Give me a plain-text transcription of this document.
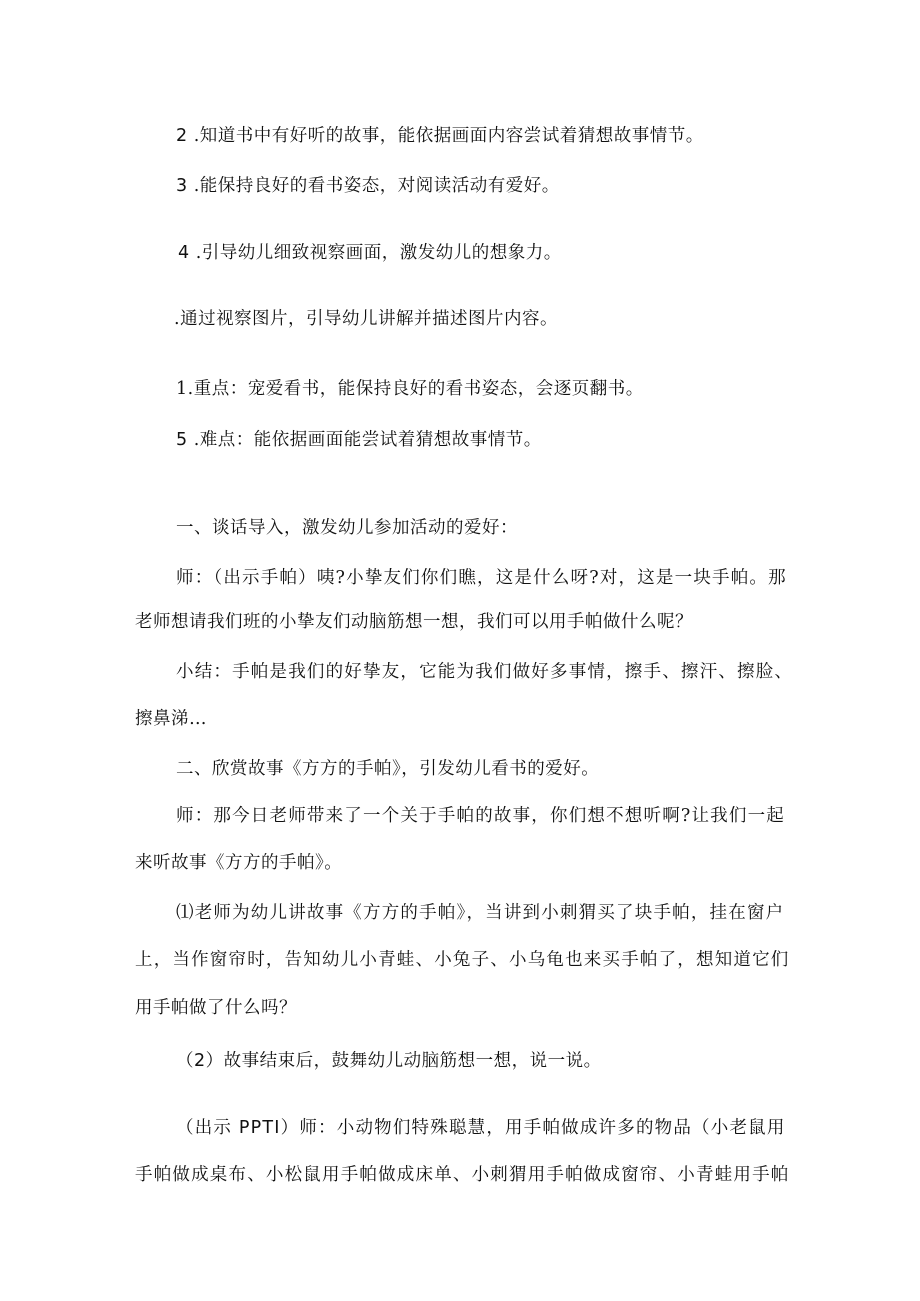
2 .知道书中有好听的故事，能依据画面内容尝试着猜想故事情节。
3 .能保持良好的看书姿态，对阅读活动有爱好。
4 .引导幼儿细致视察画面，激发幼儿的想象力。
.通过视察图片，引导幼儿讲解并描述图片内容。
1.重点：宠爱看书，能保持良好的看书姿态，会逐页翻书。
5 .难点：能依据画面能尝试着猜想故事情节。
一、谈话导入，激发幼儿参加活动的爱好：
师：（出示手帕）咦?小挚友们你们瞧，这是什么呀?对，这是一块手帕。那
老师想请我们班的小挚友们动脑筋想一想，我们可以用手帕做什么呢？
小结：手帕是我们的好挚友，它能为我们做好多事情，擦手、擦汗、擦脸、
擦鼻涕…
二、欣赏故事《方方的手帕》，引发幼儿看书的爱好。
师：那今日老师带来了一个关于手帕的故事，你们想不想听啊?让我们一起
来听故事《方方的手帕》。
⑴老师为幼儿讲故事《方方的手帕》，当讲到小刺猬买了块手帕，挂在窗户
上，当作窗帘时，告知幼儿小青蛙、小兔子、小乌龟也来买手帕了，想知道它们
用手帕做了什么吗？
（2）故事结束后，鼓舞幼儿动脑筋想一想，说一说。
（出示 PPTI）师：小动物们特殊聪慧，用手帕做成许多的物品（小老鼠用
手帕做成桌布、小松鼠用手帕做成床单、小刺猬用手帕做成窗帘、小青蛙用手帕
